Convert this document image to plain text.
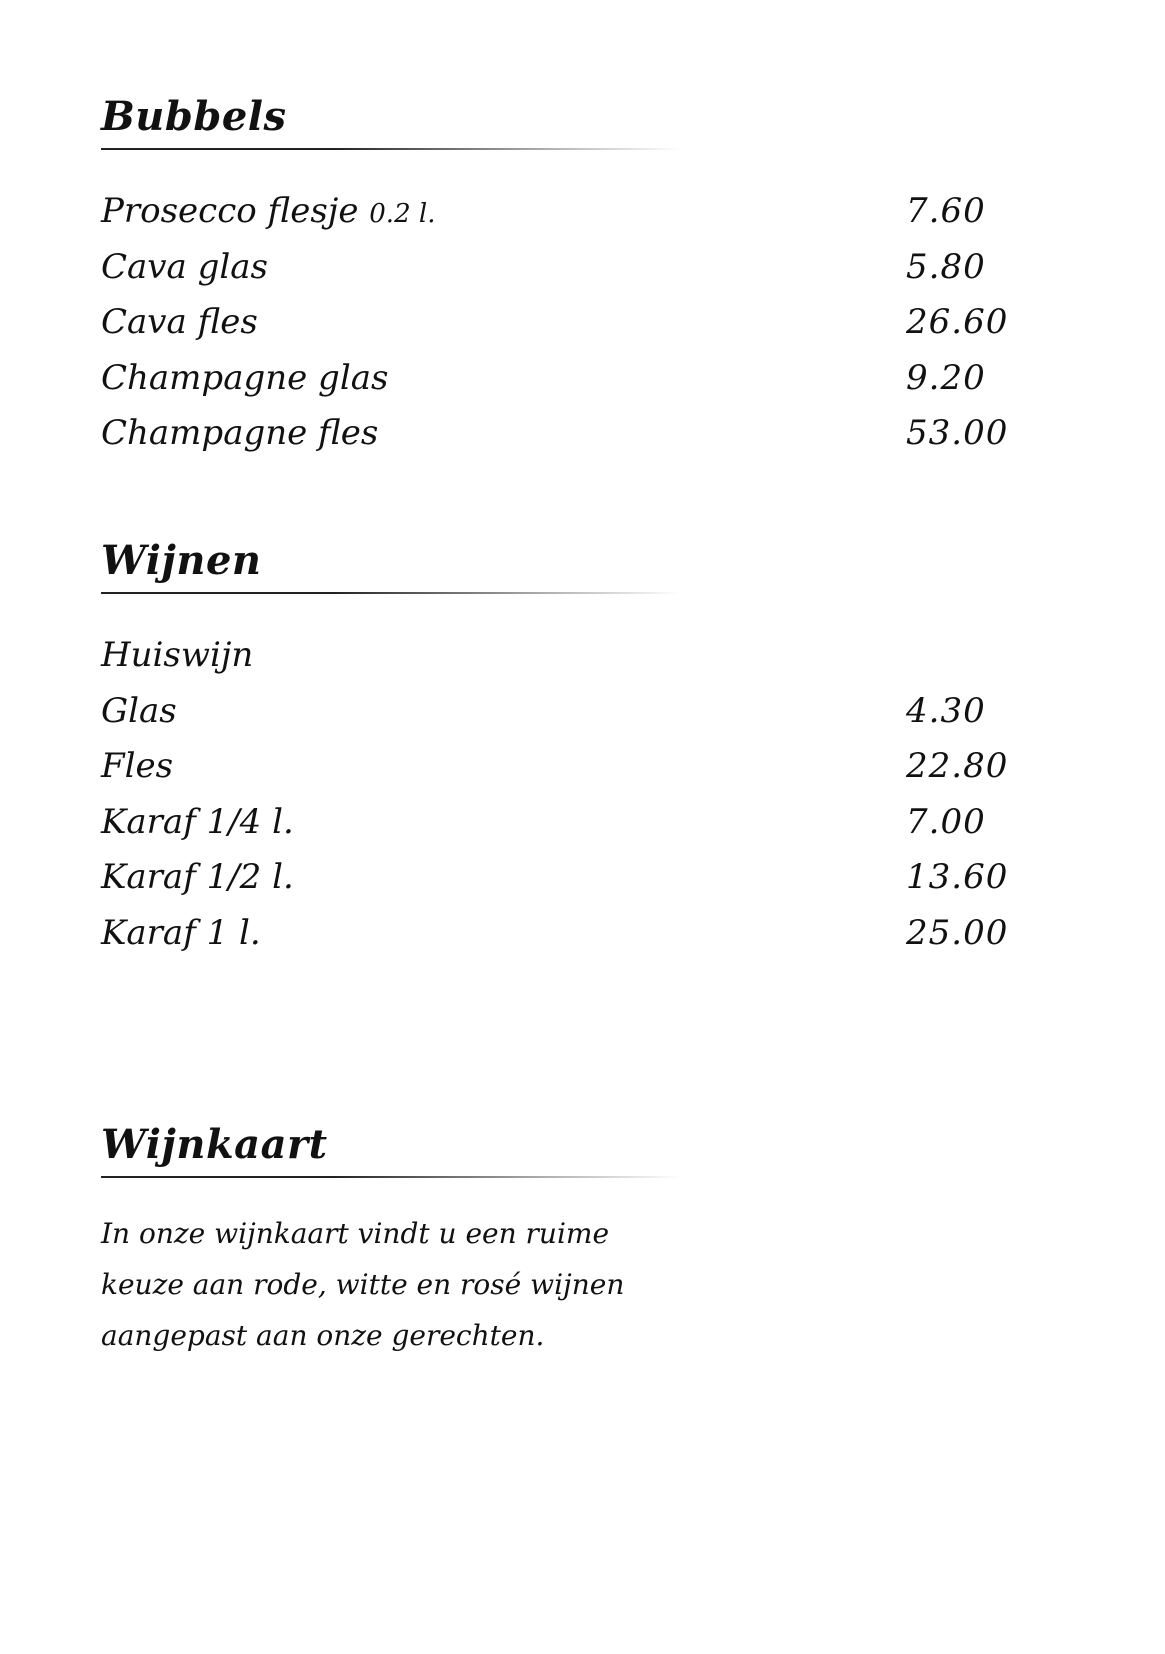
Bubbels
Prosecco flesje 0.2 l.	7.60
Cava glas	5.80
Cava fles	26.60
Champagne glas	9.20
Champagne fles	53.00
Wijnen
Huiswijn
Glas	4.30
Fles	22.80
Karaf 1/4 l.	7.00
Karaf 1/2 l.	13.60
Karaf 1 l.	25.00
Wijnkaart
In onze wijnkaart vindt u een ruime
keuze aan rode, witte en rosé wijnen
aangepast aan onze gerechten.
